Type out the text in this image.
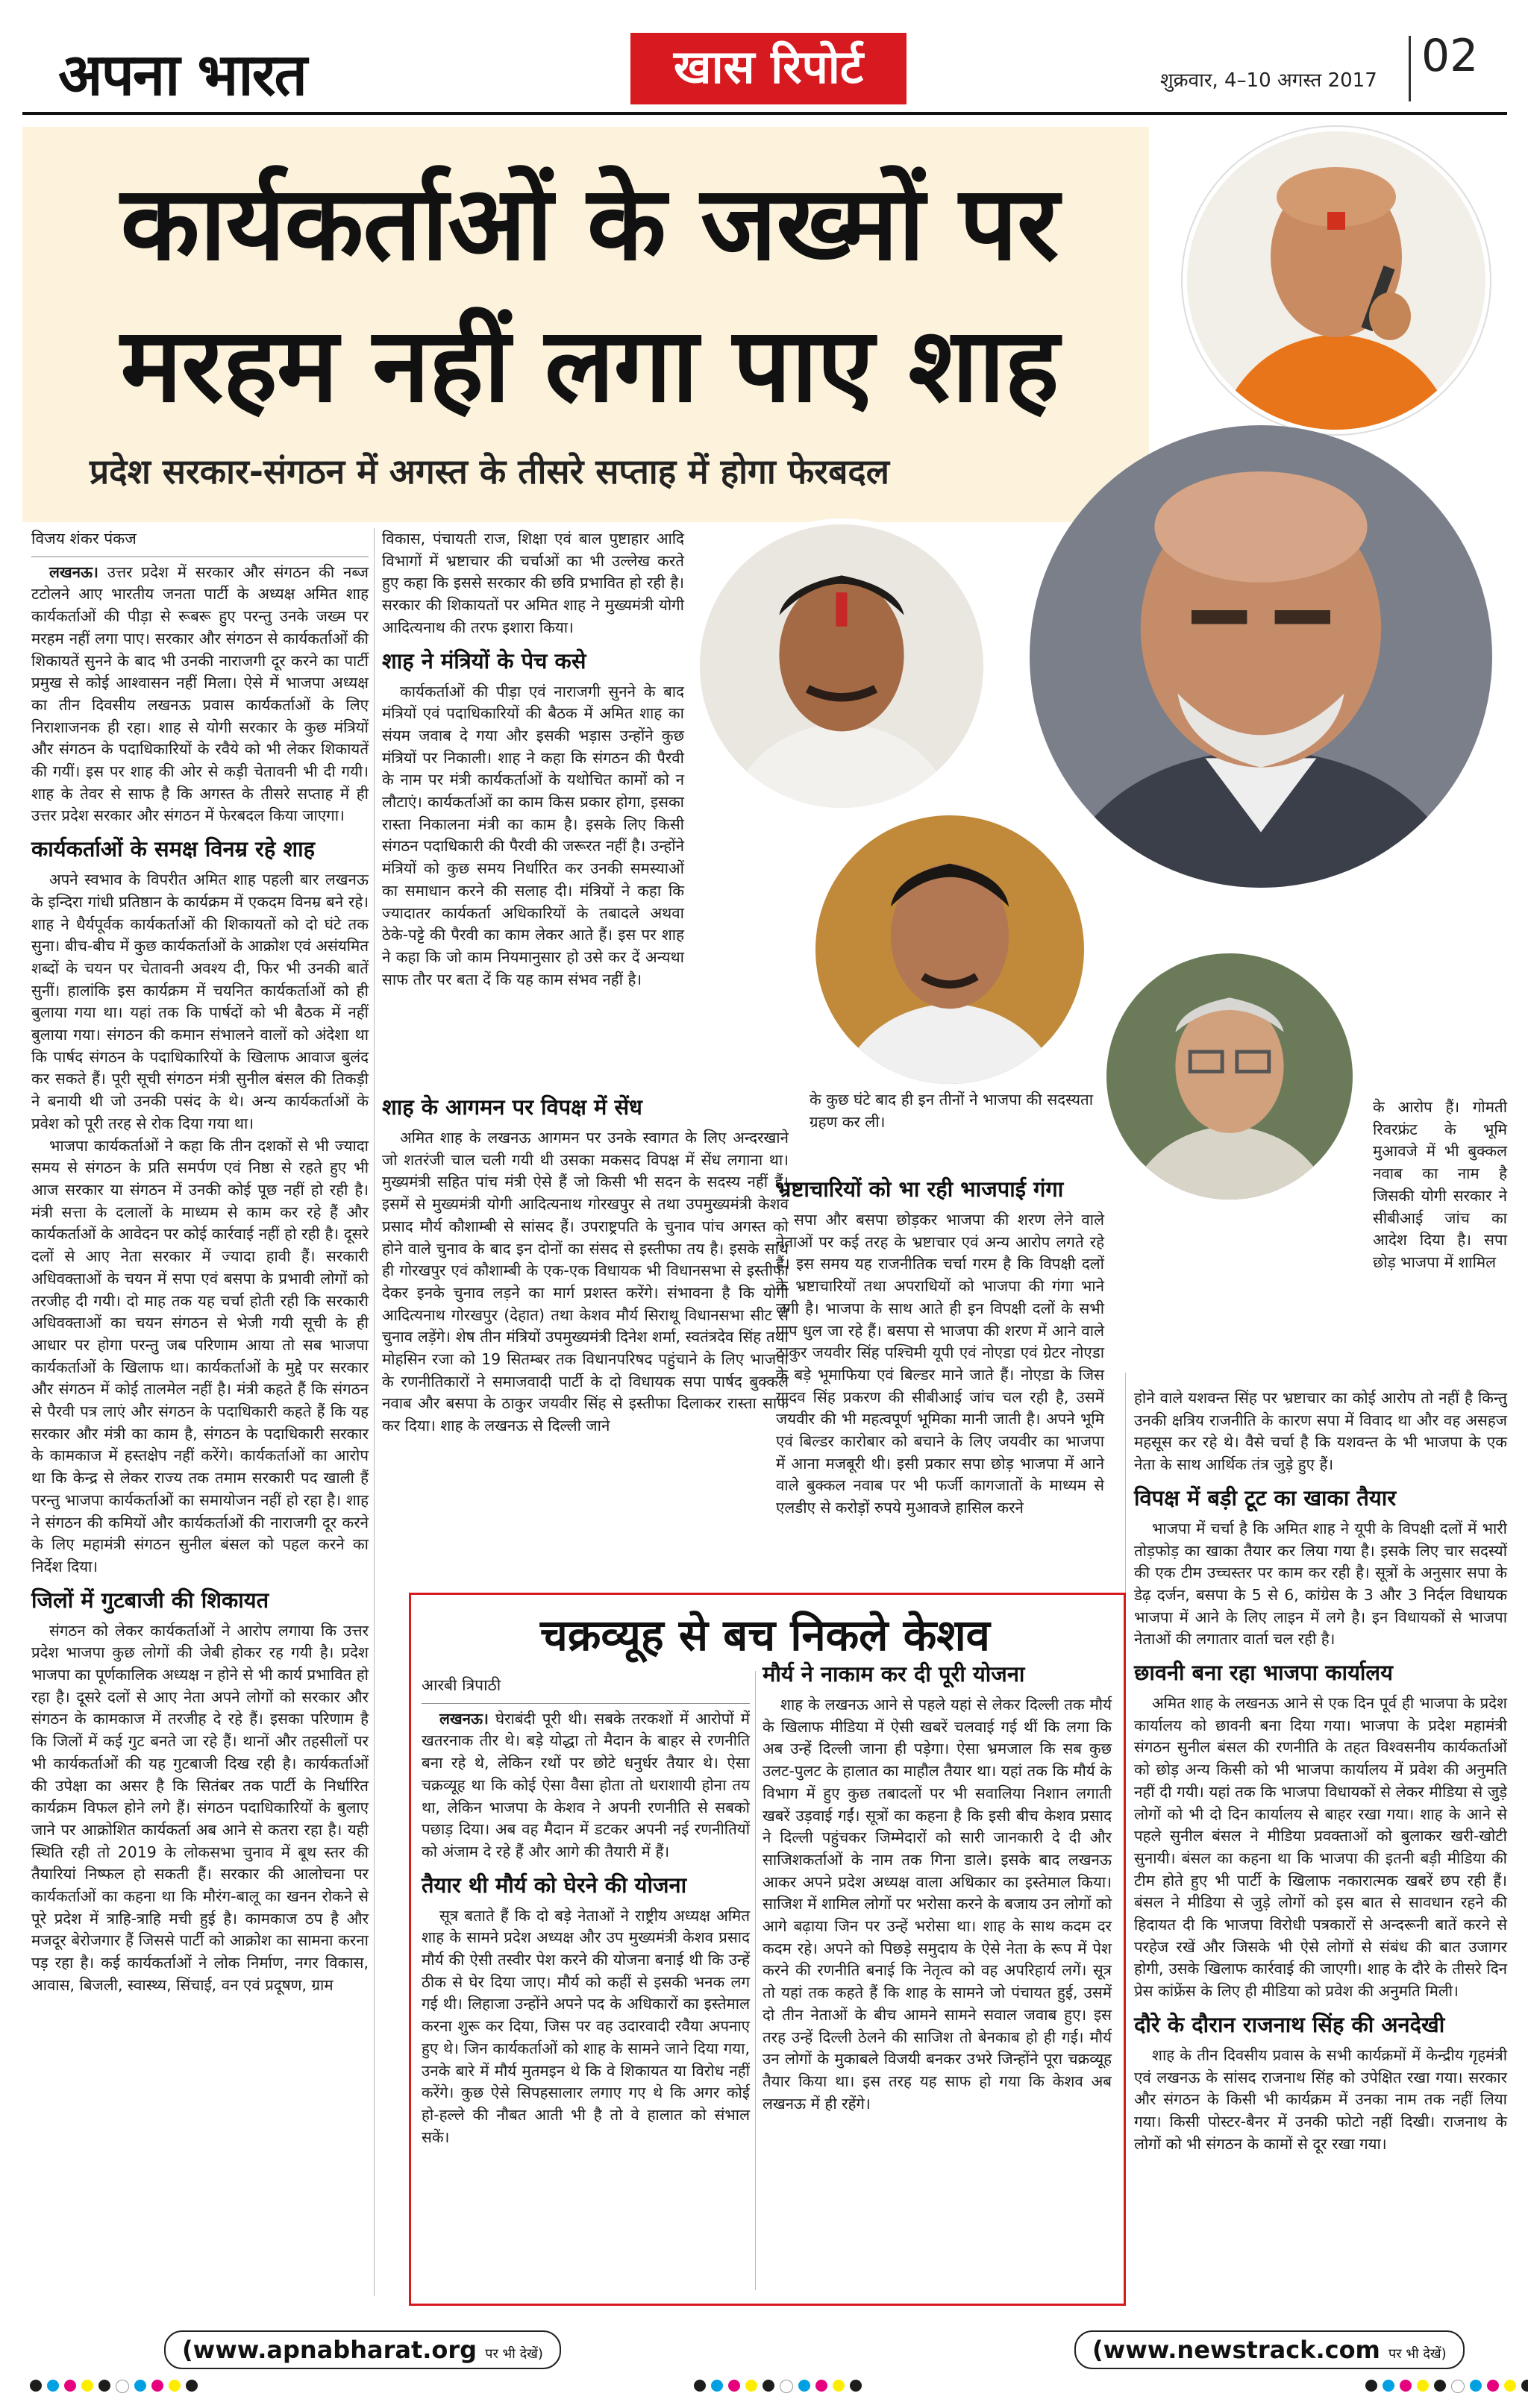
अपना भारत	खास रिपोर्ट	शुक्रवार, 4–10 अगस्त 2017 02
कार्यकर्ताओं के जख्मों पर
मरहम नहीं लगा पाए शाह
प्रदेश सरकार-संगठन में अगस्त के तीसरे सप्ताह में होगा फेरबदल

विजय शंकर पंकज

लखनऊ। उत्तर प्रदेश में सरकार और संगठन की नब्ज टटोलने आए भारतीय जनता पार्टी के अध्यक्ष अमित शाह कार्यकर्ताओं की पीड़ा से रूबरू हुए परन्तु उनके जख्म पर मरहम नहीं लगा पाए। सरकार और संगठन से कार्यकर्ताओं की शिकायतें सुनने के बाद भी उनकी नाराजगी दूर करने का पार्टी प्रमुख से कोई आश्वासन नहीं मिला। ऐसे में भाजपा अध्यक्ष का तीन दिवसीय लखनऊ प्रवास कार्यकर्ताओं के लिए निराशाजनक ही रहा। शाह से योगी सरकार के कुछ मंत्रियों और संगठन के पदाधिकारियों के रवैये को भी लेकर शिकायतें की गयीं। इस पर शाह की ओर से कड़ी चेतावनी भी दी गयी। शाह के तेवर से साफ है कि अगस्त के तीसरे सप्ताह में ही उत्तर प्रदेश सरकार और संगठन में फेरबदल किया जाएगा।

कार्यकर्ताओं के समक्ष विनम्र रहे शाह

अपने स्वभाव के विपरीत अमित शाह पहली बार लखनऊ के इन्दिरा गांधी प्रतिष्ठान के कार्यक्रम में एकदम विनम्र बने रहे। शाह ने धैर्यपूर्वक कार्यकर्ताओं की शिकायतों को दो घंटे तक सुना। बीच-बीच में कुछ कार्यकर्ताओं के आक्रोश एवं असंयमित शब्दों के चयन पर चेतावनी अवश्य दी, फिर भी उनकी बातें सुनीं। हालांकि इस कार्यक्रम में चयनित कार्यकर्ताओं को ही बुलाया गया था। यहां तक कि पार्षदों को भी बैठक में नहीं बुलाया गया। संगठन की कमान संभालने वालों को अंदेशा था कि पार्षद संगठन के पदाधिकारियों के खिलाफ आवाज बुलंद कर सकते हैं। पूरी सूची संगठन मंत्री सुनील बंसल की तिकड़ी ने बनायी थी जो उनकी पसंद के थे। अन्य कार्यकर्ताओं के प्रवेश को पूरी तरह से रोक दिया गया था।

भाजपा कार्यकर्ताओं ने कहा कि तीन दशकों से भी ज्यादा समय से संगठन के प्रति समर्पण एवं निष्ठा से रहते हुए भी आज सरकार या संगठन में उनकी कोई पूछ नहीं हो रही है। मंत्री सत्ता के दलालों के माध्यम से काम कर रहे हैं और कार्यकर्ताओं के आवेदन पर कोई कार्रवाई नहीं हो रही है। दूसरे दलों से आए नेता सरकार में ज्यादा हावी हैं। सरकारी अधिवक्ताओं के चयन में सपा एवं बसपा के प्रभावी लोगों को तरजीह दी गयी। दो माह तक यह चर्चा होती रही कि सरकारी अधिवक्ताओं का चयन संगठन से भेजी गयी सूची के ही आधार पर होगा परन्तु जब परिणाम आया तो सब भाजपा कार्यकर्ताओं के खिलाफ था। कार्यकर्ताओं के मुद्दे पर सरकार और संगठन में कोई तालमेल नहीं है। मंत्री कहते हैं कि संगठन से पैरवी पत्र लाएं और संगठन के पदाधिकारी कहते हैं कि यह सरकार और मंत्री का काम है, संगठन के पदाधिकारी सरकार के कामकाज में हस्तक्षेप नहीं करेंगे। कार्यकर्ताओं का आरोप था कि केन्द्र से लेकर राज्य तक तमाम सरकारी पद खाली हैं परन्तु भाजपा कार्यकर्ताओं का समायोजन नहीं हो रहा है। शाह ने संगठन की कमियों और कार्यकर्ताओं की नाराजगी दूर करने के लिए महामंत्री संगठन सुनील बंसल को पहल करने का निर्देश दिया।

जिलों में गुटबाजी की शिकायत

संगठन को लेकर कार्यकर्ताओं ने आरोप लगाया कि उत्तर प्रदेश भाजपा कुछ लोगों की जेबी होकर रह गयी है। प्रदेश भाजपा का पूर्णकालिक अध्यक्ष न होने से भी कार्य प्रभावित हो रहा है। दूसरे दलों से आए नेता अपने लोगों को सरकार और संगठन के कामकाज में तरजीह दे रहे हैं। इसका परिणाम है कि जिलों में कई गुट बनते जा रहे हैं। थानों और तहसीलों पर भी कार्यकर्ताओं की यह गुटबाजी दिख रही है। कार्यकर्ताओं की उपेक्षा का असर है कि सितंबर तक पार्टी के निर्धारित कार्यक्रम विफल होने लगे हैं। संगठन पदाधिकारियों के बुलाए जाने पर आक्रोशित कार्यकर्ता अब आने से कतरा रहा है। यही स्थिति रही तो 2019 के लोकसभा चुनाव में बूथ स्तर की तैयारियां निष्फल हो सकती हैं। सरकार की आलोचना पर कार्यकर्ताओं का कहना था कि मौरंग-बालू का खनन रोकने से पूरे प्रदेश में त्राहि-त्राहि मची हुई है। कामकाज ठप है और मजदूर बेरोजगार हैं जिससे पार्टी को आक्रोश का सामना करना पड़ रहा है। कई कार्यकर्ताओं ने लोक निर्माण, नगर विकास, आवास, बिजली, स्वास्थ्य, सिंचाई, वन एवं प्रदूषण, ग्राम

विकास, पंचायती राज, शिक्षा एवं बाल पुष्टाहार आदि विभागों में भ्रष्टाचार की चर्चाओं का भी उल्लेख करते हुए कहा कि इससे सरकार की छवि प्रभावित हो रही है। सरकार की शिकायतों पर अमित शाह ने मुख्यमंत्री योगी आदित्यनाथ की तरफ इशारा किया।

शाह ने मंत्रियों के पेच कसे

कार्यकर्ताओं की पीड़ा एवं नाराजगी सुनने के बाद मंत्रियों एवं पदाधिकारियों की बैठक में अमित शाह का संयम जवाब दे गया और इसकी भड़ास उन्होंने कुछ मंत्रियों पर निकाली। शाह ने कहा कि संगठन की पैरवी के नाम पर मंत्री कार्यकर्ताओं के यथोचित कामों को न लौटाएं। कार्यकर्ताओं का काम किस प्रकार होगा, इसका रास्ता निकालना मंत्री का काम है। इसके लिए किसी संगठन पदाधिकारी की पैरवी की जरूरत नहीं है। उन्होंने मंत्रियों को कुछ समय निर्धारित कर उनकी समस्याओं का समाधान करने की सलाह दी। मंत्रियों ने कहा कि ज्यादातर कार्यकर्ता अधिकारियों के तबादले अथवा ठेके-पट्टे की पैरवी का काम लेकर आते हैं। इस पर शाह ने कहा कि जो काम नियमानुसार हो उसे कर दें अन्यथा साफ तौर पर बता दें कि यह काम संभव नहीं है।

शाह के आगमन पर विपक्ष में सेंध

अमित शाह के लखनऊ आगमन पर उनके स्वागत के लिए अन्दरखाने जो शतरंजी चाल चली गयी थी उसका मकसद विपक्ष में सेंध लगाना था। मुख्यमंत्री सहित पांच मंत्री ऐसे हैं जो किसी भी सदन के सदस्य नहीं हैं। इसमें से मुख्यमंत्री योगी आदित्यनाथ गोरखपुर से तथा उपमुख्यमंत्री केशव प्रसाद मौर्य कौशाम्बी से सांसद हैं। उपराष्ट्रपति के चुनाव पांच अगस्त को होने वाले चुनाव के बाद इन दोनों का संसद से इस्तीफा तय है। इसके साथ ही गोरखपुर एवं कौशाम्बी के एक-एक विधायक भी विधानसभा से इस्तीफा देकर इनके चुनाव लड़ने का मार्ग प्रशस्त करेंगे। संभावना है कि योगी आदित्यनाथ गोरखपुर (देहात) तथा केशव मौर्य सिराथू विधानसभा सीट से चुनाव लड़ेंगे। शेष तीन मंत्रियों उपमुख्यमंत्री दिनेश शर्मा, स्वतंत्रदेव सिंह तथा मोहसिन रजा को 19 सितम्बर तक विधानपरिषद पहुंचाने के लिए भाजपा के रणनीतिकारों ने समाजवादी पार्टी के दो विधायक सपा पार्षद बुक्कल नवाब और बसपा के ठाकुर जयवीर सिंह से इस्तीफा दिलाकर रास्ता साफ कर दिया। शाह के लखनऊ से दिल्ली जाने

के कुछ घंटे बाद ही इन तीनों ने भाजपा की सदस्यता ग्रहण कर ली।

भ्रष्टाचारियों को भा रही भाजपाई गंगा

सपा और बसपा छोड़कर भाजपा की शरण लेने वाले नेताओं पर कई तरह के भ्रष्टाचार एवं अन्य आरोप लगते रहे हैं। इस समय यह राजनीतिक चर्चा गरम है कि विपक्षी दलों के भ्रष्टाचारियों तथा अपराधियों को भाजपा की गंगा भाने लगी है। भाजपा के साथ आते ही इन विपक्षी दलों के सभी पाप धुल जा रहे हैं। बसपा से भाजपा की शरण में आने वाले ठाकुर जयवीर सिंह पश्चिमी यूपी एवं नोएडा एवं ग्रेटर नोएडा के बड़े भूमाफिया एवं बिल्डर माने जाते हैं। नोएडा के जिस यादव सिंह प्रकरण की सीबीआई जांच चल रही है, उसमें जयवीर की भी महत्वपूर्ण भूमिका मानी जाती है। अपने भूमि एवं बिल्डर कारोबार को बचाने के लिए जयवीर का भाजपा में आना मजबूरी थी। इसी प्रकार सपा छोड़ भाजपा में आने वाले बुक्कल नवाब पर भी फर्जी कागजातों के माध्यम से एलडीए से करोड़ों रुपये मुआवजे हासिल करने

के आरोप हैं। गोमती रिवरफ्रंट के भूमि मुआवजे में भी बुक्कल नवाब का नाम है जिसकी योगी सरकार ने सीबीआई जांच का आदेश दिया है। सपा छोड़ भाजपा में शामिल

होने वाले यशवन्त सिंह पर भ्रष्टाचार का कोई आरोप तो नहीं है किन्तु उनकी क्षत्रिय राजनीति के कारण सपा में विवाद था और वह असहज महसूस कर रहे थे। वैसे चर्चा है कि यशवन्त के भी भाजपा के एक नेता के साथ आर्थिक तंत्र जुड़े हुए हैं।

विपक्ष में बड़ी टूट का खाका तैयार

भाजपा में चर्चा है कि अमित शाह ने यूपी के विपक्षी दलों में भारी तोड़फोड़ का खाका तैयार कर लिया गया है। इसके लिए चार सदस्यों की एक टीम उच्चस्तर पर काम कर रही है। सूत्रों के अनुसार सपा के डेढ़ दर्जन, बसपा के 5 से 6, कांग्रेस के 3 और 3 निर्दल विधायक भाजपा में आने के लिए लाइन में लगे है। इन विधायकों से भाजपा नेताओं की लगातार वार्ता चल रही है।

छावनी बना रहा भाजपा कार्यालय

अमित शाह के लखनऊ आने से एक दिन पूर्व ही भाजपा के प्रदेश कार्यालय को छावनी बना दिया गया। भाजपा के प्रदेश महामंत्री संगठन सुनील बंसल की रणनीति के तहत विश्वसनीय कार्यकर्ताओं को छोड़ अन्य किसी को भी भाजपा कार्यालय में प्रवेश की अनुमति नहीं दी गयी। यहां तक कि भाजपा विधायकों से लेकर मीडिया से जुड़े लोगों को भी दो दिन कार्यालय से बाहर रखा गया। शाह के आने से पहले सुनील बंसल ने मीडिया प्रवक्ताओं को बुलाकर खरी-खोटी सुनायी। बंसल का कहना था कि भाजपा की इतनी बड़ी मीडिया की टीम होते हुए भी पार्टी के खिलाफ नकारात्मक खबरें छप रही हैं। बंसल ने मीडिया से जुड़े लोगों को इस बात से सावधान रहने की हिदायत दी कि भाजपा विरोधी पत्रकारों से अन्दरूनी बातें करने से परहेज रखें और जिसके भी ऐसे लोगों से संबंध की बात उजागर होगी, उसके खिलाफ कार्रवाई की जाएगी। शाह के दौरे के तीसरे दिन प्रेस कांफ्रेंस के लिए ही मीडिया को प्रवेश की अनुमति मिली।

दौरे के दौरान राजनाथ सिंह की अनदेखी

शाह के तीन दिवसीय प्रवास के सभी कार्यक्रमों में केन्द्रीय गृहमंत्री एवं लखनऊ के सांसद राजनाथ सिंह को उपेक्षित रखा गया। सरकार और संगठन के किसी भी कार्यक्रम में उनका नाम तक नहीं लिया गया। किसी पोस्टर-बैनर में उनकी फोटो नहीं दिखी। राजनाथ के लोगों को भी संगठन के कामों से दूर रखा गया।

चक्रव्यूह से बच निकले केशव

आरबी त्रिपाठी

लखनऊ। घेराबंदी पूरी थी। सबके तरकशों में आरोपों में खतरनाक तीर थे। बड़े योद्धा तो मैदान के बाहर से रणनीति बना रहे थे, लेकिन रथों पर छोटे धनुर्धर तैयार थे। ऐसा चक्रव्यूह था कि कोई ऐसा वैसा होता तो धराशायी होना तय था, लेकिन भाजपा के केशव ने अपनी रणनीति से सबको पछाड़ दिया। अब वह मैदान में डटकर अपनी नई रणनीतियों को अंजाम दे रहे हैं और आगे की तैयारी में हैं।

तैयार थी मौर्य को घेरने की योजना

सूत्र बताते हैं कि दो बड़े नेताओं ने राष्ट्रीय अध्यक्ष अमित शाह के सामने प्रदेश अध्यक्ष और उप मुख्यमंत्री केशव प्रसाद मौर्य की ऐसी तस्वीर पेश करने की योजना बनाई थी कि उन्हें ठीक से घेर दिया जाए। मौर्य को कहीं से इसकी भनक लग गई थी। लिहाजा उन्होंने अपने पद के अधिकारों का इस्तेमाल करना शुरू कर दिया, जिस पर वह उदारवादी रवैया अपनाए हुए थे। जिन कार्यकर्ताओं को शाह के सामने जाने दिया गया, उनके बारे में मौर्य मुतमइन थे कि वे शिकायत या विरोध नहीं करेंगे। कुछ ऐसे सिपहसालार लगाए गए थे कि अगर कोई हो-हल्ले की नौबत आती भी है तो वे हालात को संभाल सकें।

मौर्य ने नाकाम कर दी पूरी योजना

शाह के लखनऊ आने से पहले यहां से लेकर दिल्ली तक मौर्य के खिलाफ मीडिया में ऐसी खबरें चलवाई गई थीं कि लगा कि अब उन्हें दिल्ली जाना ही पड़ेगा। ऐसा भ्रमजाल कि सब कुछ उलट-पुलट के हालात का माहौल तैयार था। यहां तक कि मौर्य के विभाग में हुए कुछ तबादलों पर भी सवालिया निशान लगाती खबरें उड़वाई गईं। सूत्रों का कहना है कि इसी बीच केशव प्रसाद ने दिल्ली पहुंचकर जिम्मेदारों को सारी जानकारी दे दी और साजिशकर्ताओं के नाम तक गिना डाले। इसके बाद लखनऊ आकर अपने प्रदेश अध्यक्ष वाला अधिकार का इस्तेमाल किया। साजिश में शामिल लोगों पर भरोसा करने के बजाय उन लोगों को आगे बढ़ाया जिन पर उन्हें भरोसा था। शाह के साथ कदम दर कदम रहे। अपने को पिछड़े समुदाय के ऐसे नेता के रूप में पेश करने की रणनीति बनाई कि नेतृत्व को वह अपरिहार्य लगें। सूत्र तो यहां तक कहते हैं कि शाह के सामने जो पंचायत हुई, उसमें दो तीन नेताओं के बीच आमने सामने सवाल जवाब हुए। इस तरह उन्हें दिल्ली ठेलने की साजिश तो बेनकाब हो ही गई। मौर्य उन लोगों के मुकाबले विजयी बनकर उभरे जिन्होंने पूरा चक्रव्यूह तैयार किया था। इस तरह यह साफ हो गया कि केशव अब लखनऊ में ही रहेंगे।

(www.apnabharat.org पर भी देखें)	(www.newstrack.com पर भी देखें)
